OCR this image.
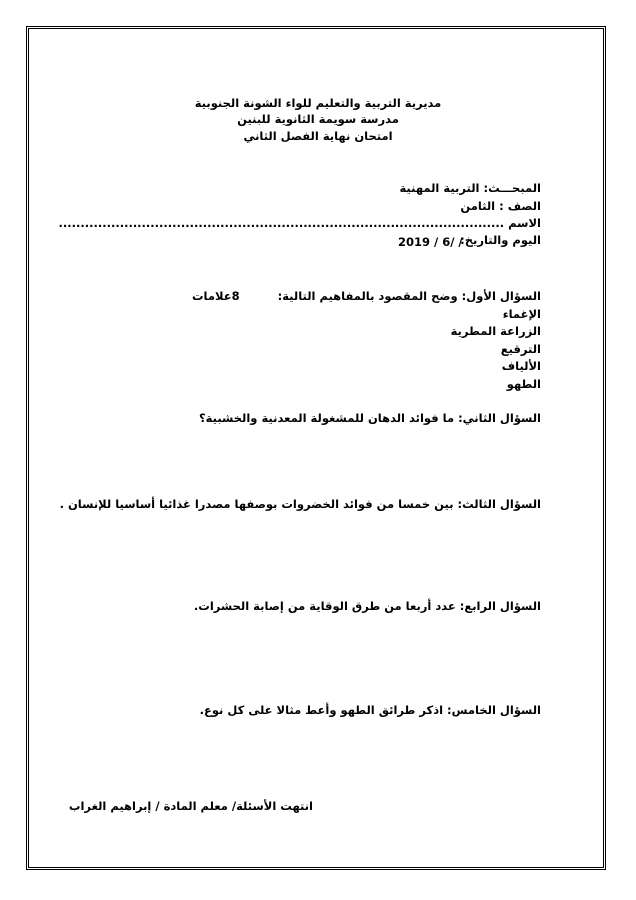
مديرية التربية والتعليم للواء الشونة الجنوبية
مدرسة سويمة الثانوية للبنين
امتحان نهاية الفصل الثاني
المبحـــث: التربية المهنية
الصف : الثامن
الاسم ......................................................................................................
اليوم والتاريخ:
2019 / 6/ /
السؤال الأول: وضح المقصود بالمفاهيم التالية:
8علامات
الإغماء
الزراعة المطرية
الترقيع
الألياف
الطهو
السؤال الثاني: ما فوائد الدهان للمشغولة المعدنية والخشبية؟
السؤال الثالث: بين خمسا من فوائد الخضروات بوصفها مصدرا غذائيا أساسيا للإنسان .
السؤال الرابع: عدد أربعا من طرق الوقاية من إصابة الحشرات.
السؤال الخامس: اذكر طرائق الطهو وأعط مثالا على كل نوع.
انتهت الأسئلة/ معلم المادة / إبراهيم الغراب
